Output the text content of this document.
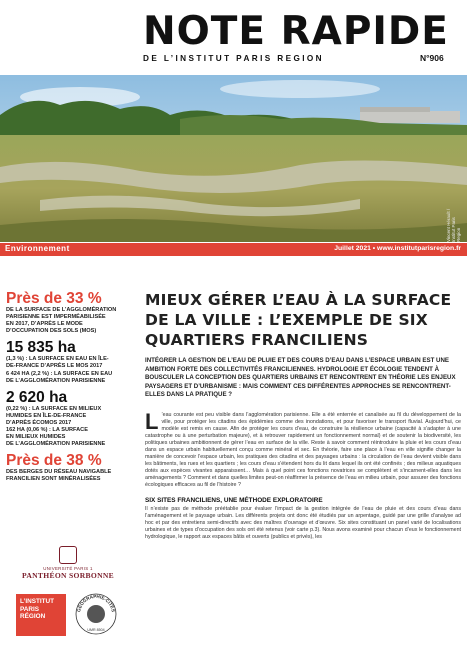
NOTE RAPIDE
DE L’INSTITUT PARIS REGION	N°906
Vincent Hérault / Institut Paris Region
Environnement	Juillet 2021 • www.institutparisregion.fr
Près de 33 %
DE LA SURFACE DE L’AGGLOMÉRATION
PARISIENNE EST IMPERMÉABILISÉE
EN 2017, D’APRÈS LE MODE
D’OCCUPATION DES SOLS (MOS)
15 835 ha
(1,3 %) : LA SURFACE EN EAU EN ÎLE-
DE-FRANCE D’APRÈS LE MOS 2017
6 424 HA (2,2 %) : LA SURFACE EN EAU
DE L’AGGLOMÉRATION PARISIENNE
2 620 ha
(0,22 %) : LA SURFACE EN MILIEUX
HUMIDES EN ÎLE-DE-FRANCE
D’APRÈS ÉCOMOS 2017
162 HA (0,06 %) : LA SURFACE
EN MILIEUX HUMIDES
DE L’AGGLOMÉRATION PARISIENNE
Près de 38 %
DES BERGES DU RÉSEAU NAVIGABLE
FRANCILIEN SONT MINÉRALISÉES
UNIVERSITÉ PARIS 1
PANTHÉON SORBONNE
L’INSTITUT
PARIS
RÉGION
GÉOGRAPHIE-CITÉS
UMR 8504
MIEUX GÉRER L’EAU À LA SURFACE DE LA VILLE : L’EXEMPLE DE SIX QUARTIERS FRANCILIENS

INTÉGRER LA GESTION DE L’EAU DE PLUIE ET DES COURS D’EAU DANS L’ESPACE URBAIN EST UNE AMBITION FORTE DES COLLECTIVITÉS FRANCILIENNES. HYDROLOGIE ET ÉCOLOGIE TENDENT À BOUSCULER LA CONCEPTION DES QUARTIERS URBAINS ET RENCONTRENT EN THÉORIE LES ENJEUX PAYSAGERS ET D’URBANISME : MAIS COMMENT CES DIFFÉRENTES APPROCHES SE RENCONTRENT-ELLES DANS LA PRATIQUE ?

L ’eau courante est peu visible dans l’agglomération parisienne. Elle a été enterrée et canalisée au fil du développement de la ville, pour protéger les citadins des épidémies comme des inondations, et pour favoriser le transport fluvial. Aujourd’hui, ce modèle est remis en cause. Afin de protéger les cours d’eau, de construire la résilience urbaine (capacité à s’adapter à une catastrophe ou à une perturbation majeure), et à retrouver rapidement un fonctionnement normal) et de soutenir la biodiversité, les politiques urbaines ambitionnent de gérer l’eau en surface de la ville. Reste à savoir comment réintroduire la pluie et les cours d’eau dans un espace urbain habituellement conçu comme minéral et sec. En théorie, faire une place à l’eau en ville signifie changer la manière de concevoir l’espace urbain, les pratiques des citadins et des paysages urbains : la circulation de l’eau devient visible dans les bâtiments, les rues et les quartiers ; les cours d’eau s’étendent hors du lit dans lequel ils ont été confinés ; des milieux aquatiques dotés aux espèces vivantes apparaissent… Mais à quel point ces fonctions novatrices se complètent et s’incarnent-elles dans les aménagements ? Comment et dans quelles limites peut-on réaffirmer la présence de l’eau en milieu urbain, pour assurer des fonctions écologiques efficaces au fil de l’histoire ?

SIX SITES FRANCILIENS, UNE MÉTHODE EXPLORATOIRE

Il n’existe pas de méthode préétablie pour évaluer l’impact de la gestion intégrée de l’eau de pluie et des cours d’eau dans l’aménagement et le paysage urbain. Les différents projets ont donc été étudiés par un arpentage, guidé par une grille d’analyse ad hoc et par des entretiens semi-directifs avec des maîtres d’ouvrage et d’œuvre. Six sites constituant un panel varié de localisations urbaines et de types d’occupation des sols ont été retenus (voir carte p.3). Nous avons examiné pour chacun d’eux le fonctionnement hydrologique, le rapport aux espaces bâtis et ouverts (publics et privés), les
